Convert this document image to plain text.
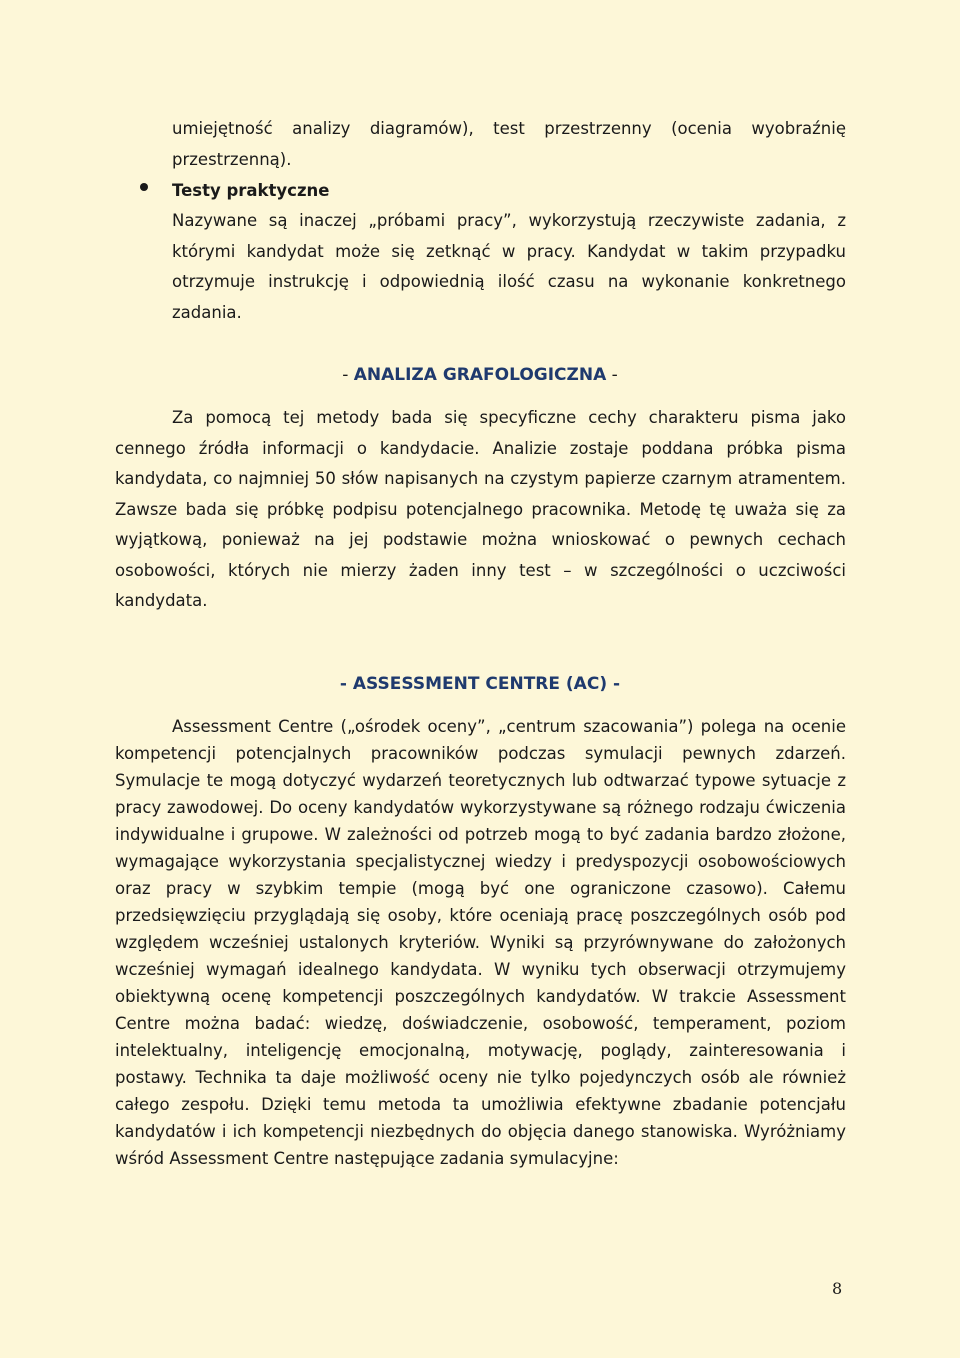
umiejętność analizy diagramów), test przestrzenny (ocenia wyobraźnię przestrzenną).
Testy praktyczne
Nazywane są inaczej „próbami pracy”, wykorzystują rzeczywiste zadania, z którymi kandydat może się zetknąć w pracy. Kandydat w takim przypadku otrzymuje instrukcję i odpowiednią ilość czasu na wykonanie konkretnego zadania.
- ANALIZA GRAFOLOGICZNA -
Za pomocą tej metody bada się specyficzne cechy charakteru pisma jako cennego źródła informacji o kandydacie. Analizie zostaje poddana próbka pisma kandydata, co najmniej 50 słów napisanych na czystym papierze czarnym atramentem. Zawsze bada się próbkę podpisu potencjalnego pracownika. Metodę tę uważa się za wyjątkową, ponieważ na jej podstawie można wnioskować o pewnych cechach osobowości, których nie mierzy żaden inny test – w szczególności o uczciwości kandydata.
- ASSESSMENT CENTRE (AC) -
Assessment Centre („ośrodek oceny”, „centrum szacowania”) polega na ocenie kompetencji potencjalnych pracowników podczas symulacji pewnych zdarzeń. Symulacje te mogą dotyczyć wydarzeń teoretycznych lub odtwarzać typowe sytuacje z pracy zawodowej. Do oceny kandydatów wykorzystywane są różnego rodzaju ćwiczenia indywidualne i grupowe. W zależności od potrzeb mogą to być zadania bardzo złożone, wymagające wykorzystania specjalistycznej wiedzy i predyspozycji osobowościowych oraz pracy w szybkim tempie (mogą być one ograniczone czasowo). Całemu przedsięwzięciu przyglądają się osoby, które oceniają pracę poszczególnych osób pod względem wcześniej ustalonych kryteriów. Wyniki są przyrównywane do założonych wcześniej wymagań idealnego kandydata. W wyniku tych obserwacji otrzymujemy obiektywną ocenę kompetencji poszczególnych kandydatów. W trakcie Assessment Centre można badać: wiedzę, doświadczenie, osobowość, temperament, poziom intelektualny, inteligencję emocjonalną, motywację, poglądy, zainteresowania i postawy. Technika ta daje możliwość oceny nie tylko pojedynczych osób ale również całego zespołu. Dzięki temu metoda ta umożliwia efektywne zbadanie potencjału kandydatów i ich kompetencji niezbędnych do objęcia danego stanowiska. Wyróżniamy wśród Assessment Centre następujące zadania symulacyjne:
8
